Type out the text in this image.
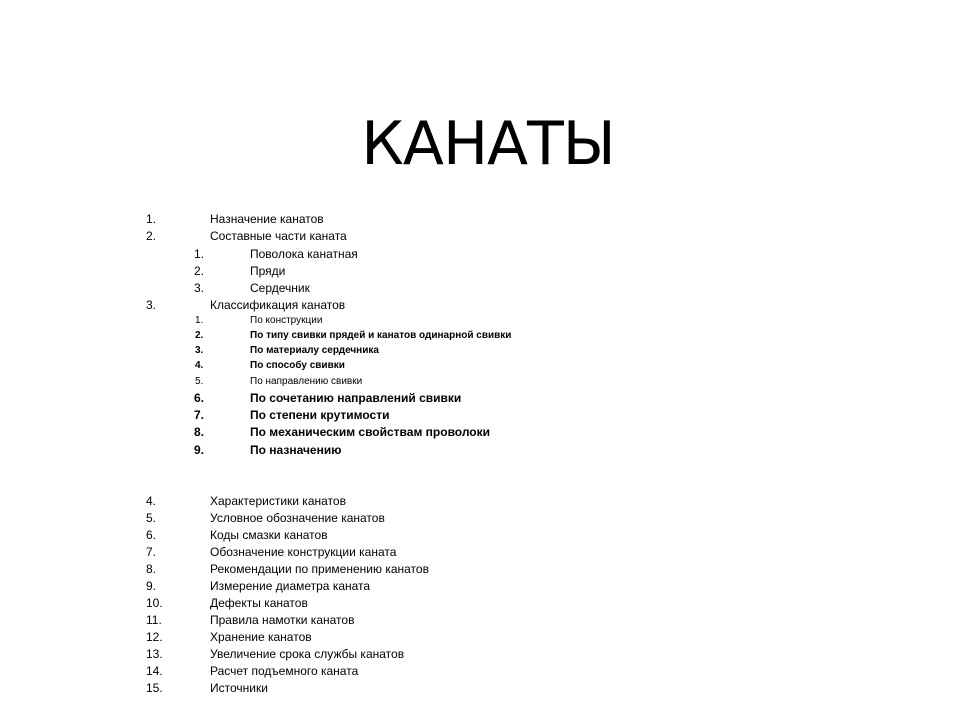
КАНАТЫ
1.	Назначение канатов
2.	Составные части каната
1.	Поволока канатная
2.	Пряди
3.	Сердечник
3.	Классификация канатов
1.	По конструкции
2.	По типу свивки прядей и канатов одинарной свивки
3.	По материалу сердечника
4.	По способу свивки
5.	По направлению свивки
6.	По сочетанию направлений свивки
7.	По степени крутимости
8.	По механическим свойствам проволоки
9.	По назначению
4.	Характеристики канатов
5.	Условное обозначение канатов
6.	Коды смазки канатов
7.	Обозначение конструкции каната
8.	Рекомендации по применению канатов
9.	Измерение диаметра каната
10.	Дефекты канатов
11.	Правила намотки канатов
12.	Хранение канатов
13.	Увеличение срока службы канатов
14.	Расчет подъемного каната
15.	Источники
